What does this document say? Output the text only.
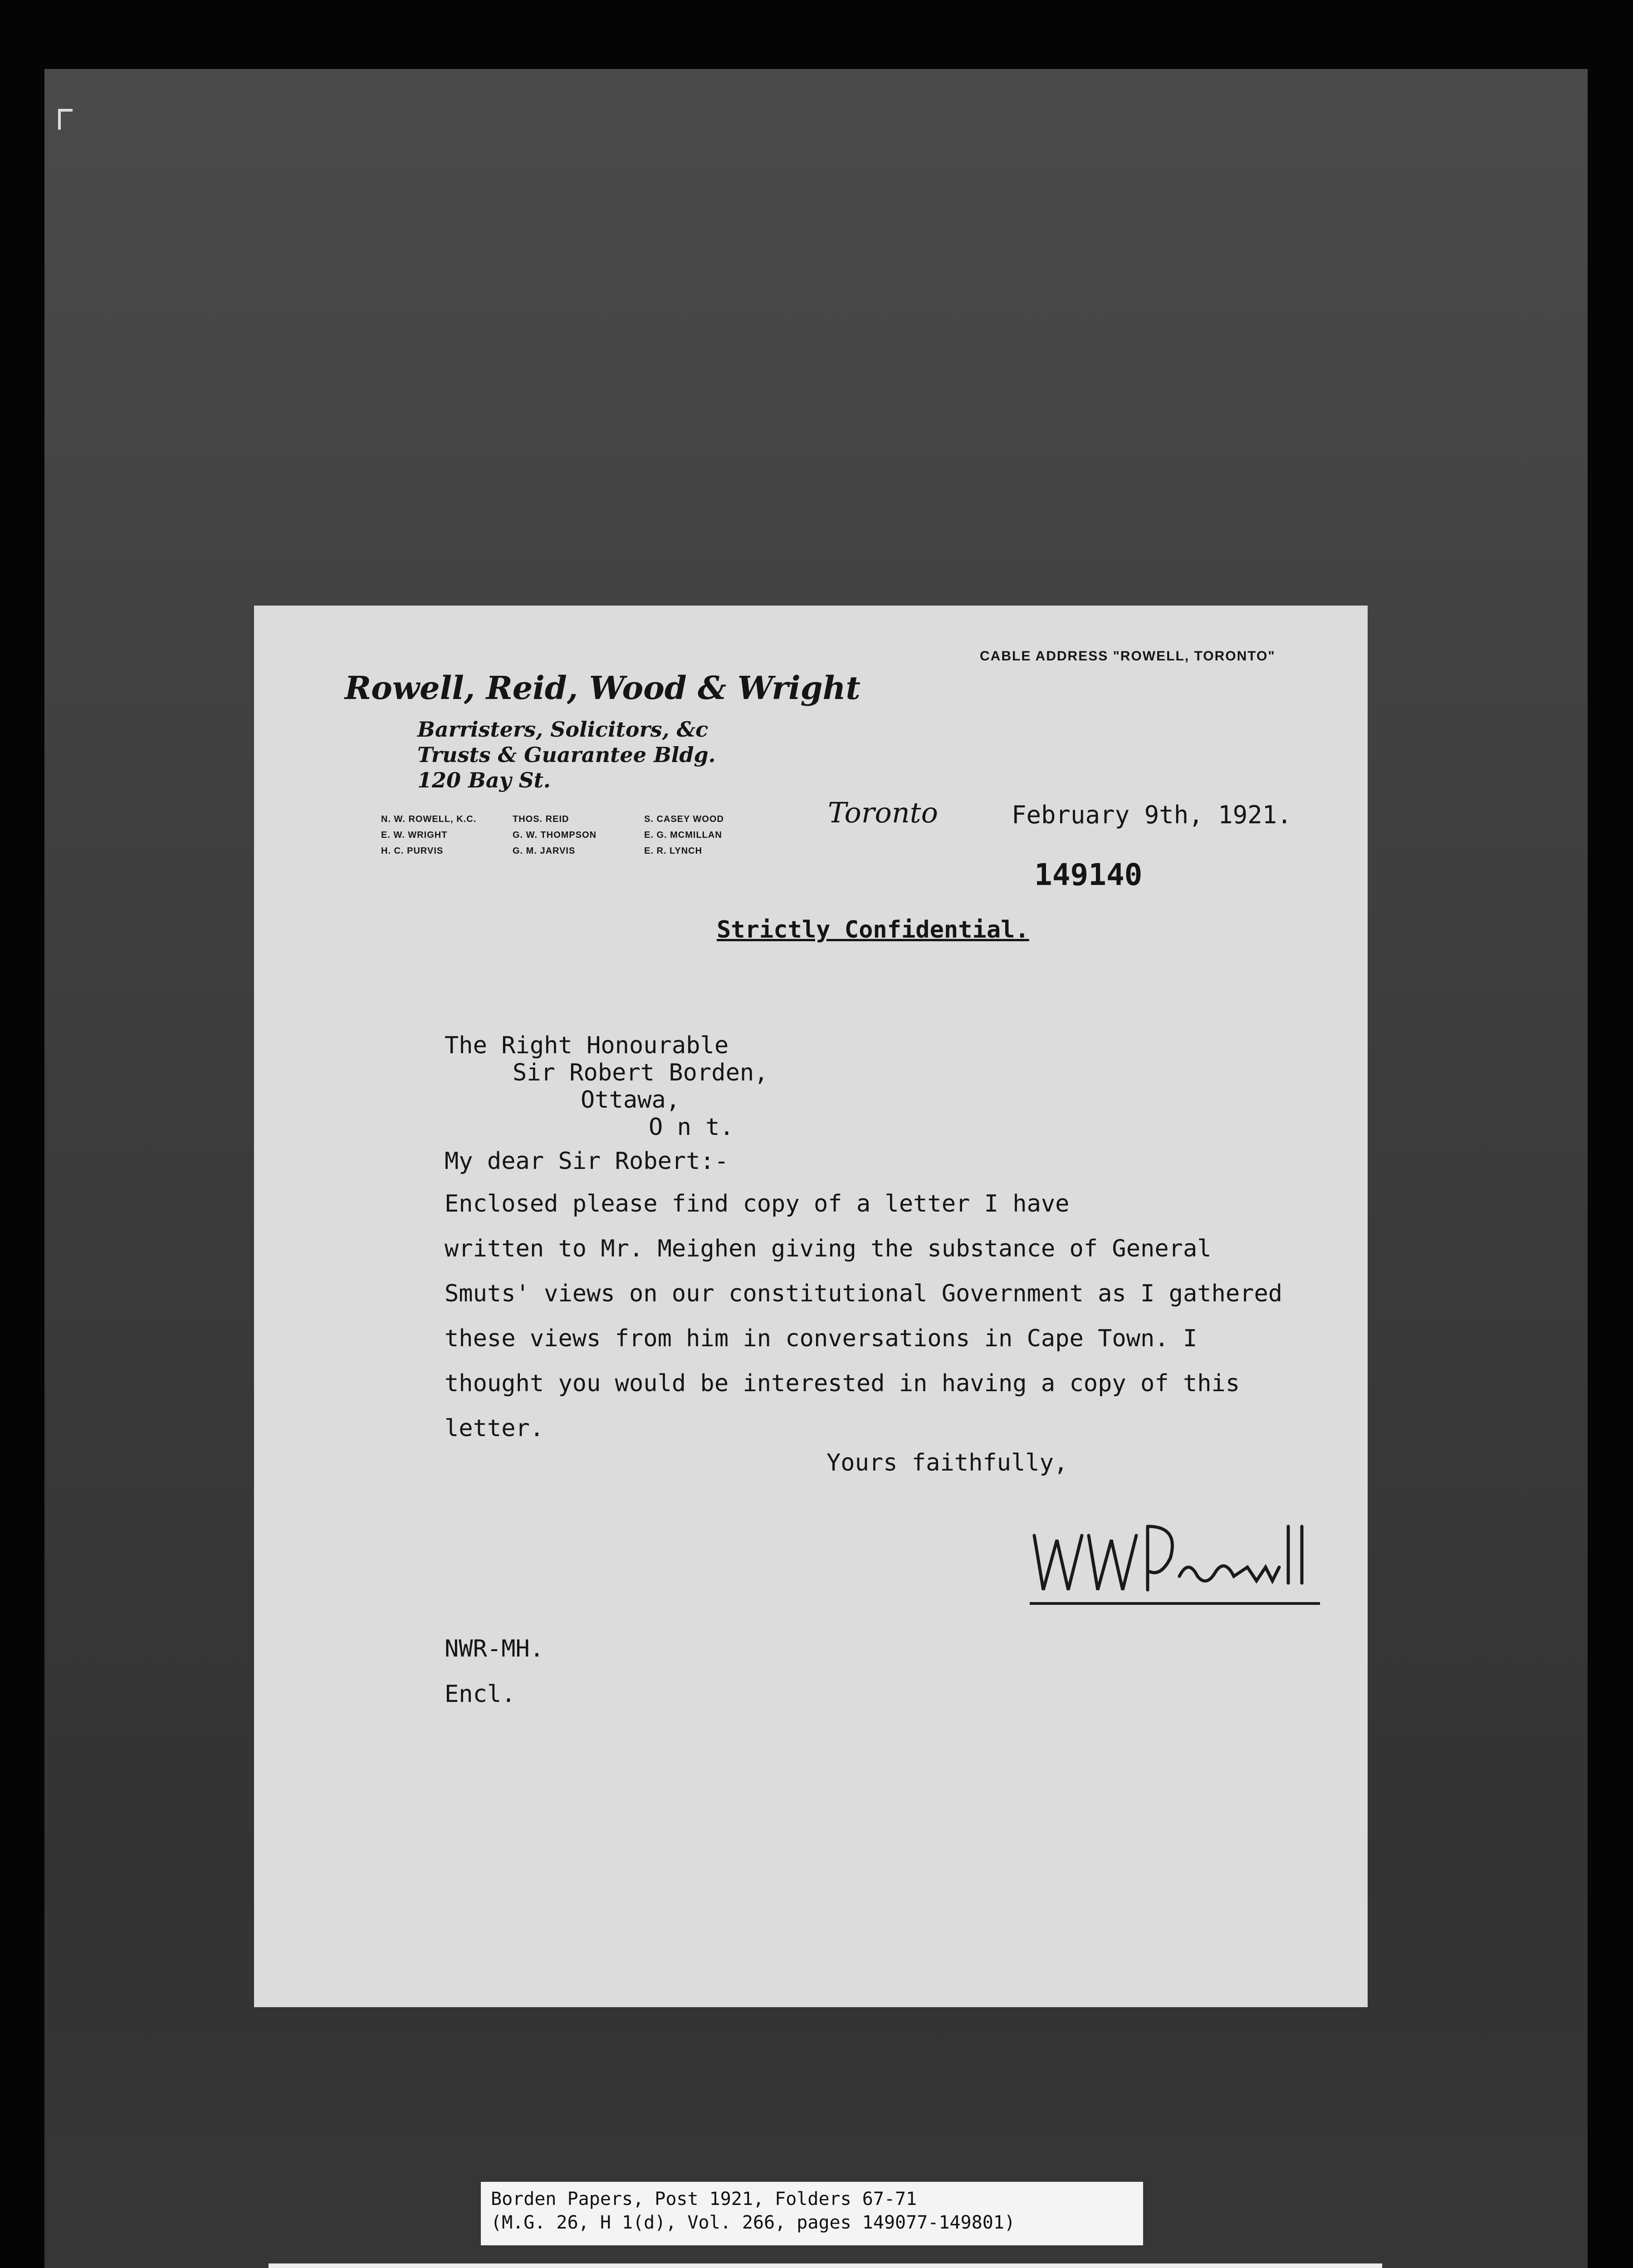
CABLE ADDRESS "ROWELL, TORONTO"
Rowell, Reid, Wood & Wright
Barristers, Solicitors, &c
Trusts & Guarantee Bldg.
120 Bay St.
N. W. ROWELL, K.C.	THOS. REID	S. CASEY WOOD
E. W. WRIGHT	G. W. THOMPSON	E. G. MCMILLAN
H. C. PURVIS	G. M. JARVIS	E. R. LYNCH
Toronto	February 9th, 1921.
149140
Strictly Confidential.
The Right Honourable
Sir Robert Borden,
Ottawa,
O n t.
My dear Sir Robert:-
Enclosed please find copy of a letter I have
written to Mr. Meighen giving the substance of General
Smuts' views on our constitutional Government as I gathered
these views from him in conversations in Cape Town. I
thought you would be interested in having a copy of this
letter.
Yours faithfully,
NWR-MH.
Encl.
Borden Papers, Post 1921, Folders 67-71
(M.G. 26, H 1(d), Vol. 266, pages 149077-149801)
